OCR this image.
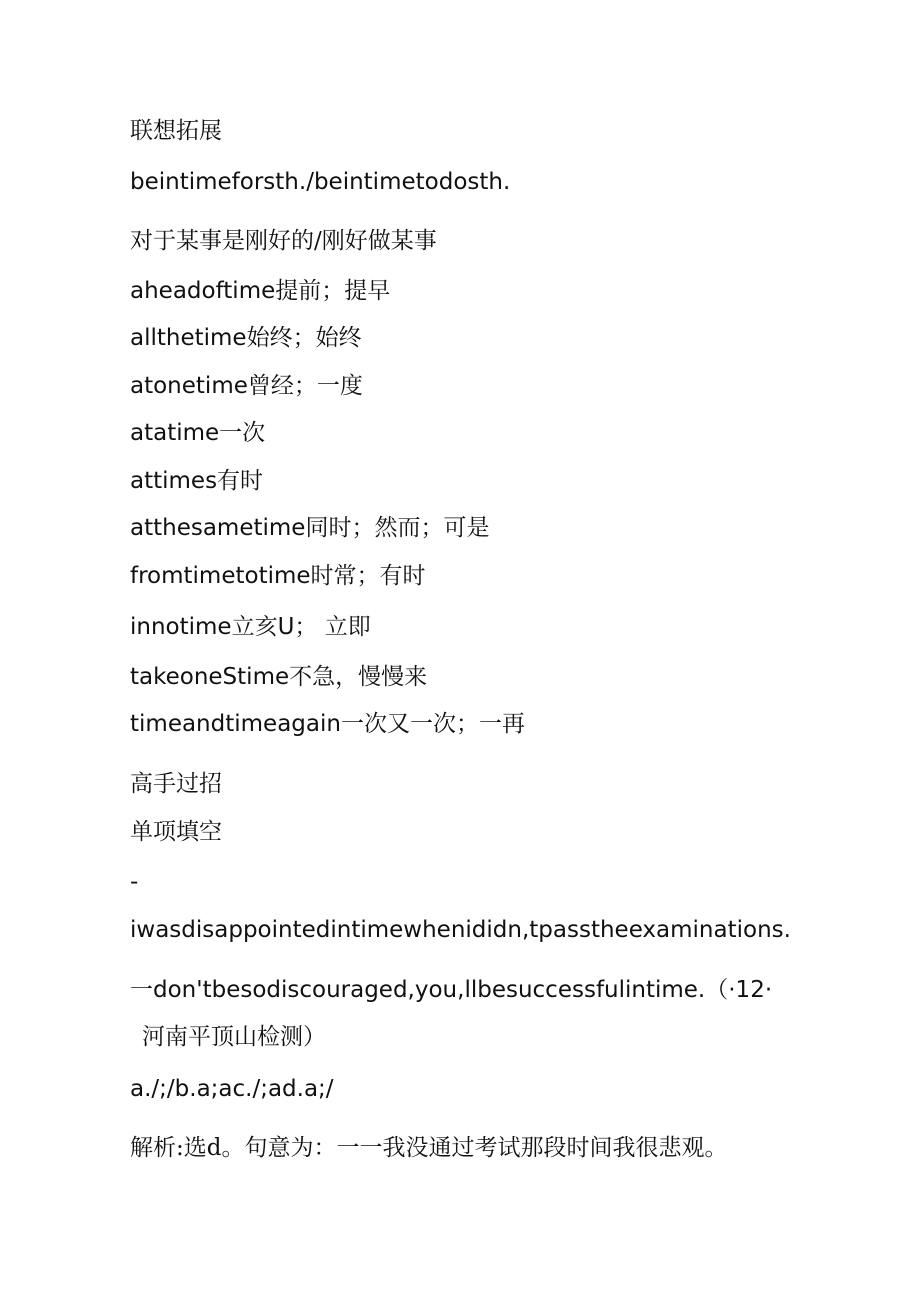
联想拓展
beintimeforsth./beintimetodosth.
对于某事是刚好的/刚好做某事
aheadoftime提前；提早
allthetime始终；始终
atonetime曾经；一度
atatime一次
attimes有时
atthesametime同时；然而；可是
fromtimetotime时常；有时
innotime立亥U； 立即
takeoneStime不急，慢慢来
timeandtimeagain一次又一次；一再
高手过招
单项填空
-
iwasdisappointedintimewhenididn,tpasstheexaminations.
一don'tbesodiscouraged,you,llbesuccessfulintime.（·12·
河南平顶山检测）
a./;/b.a;ac./;ad.a;/
解析:选d。句意为：一一我没通过考试那段时间我很悲观。
